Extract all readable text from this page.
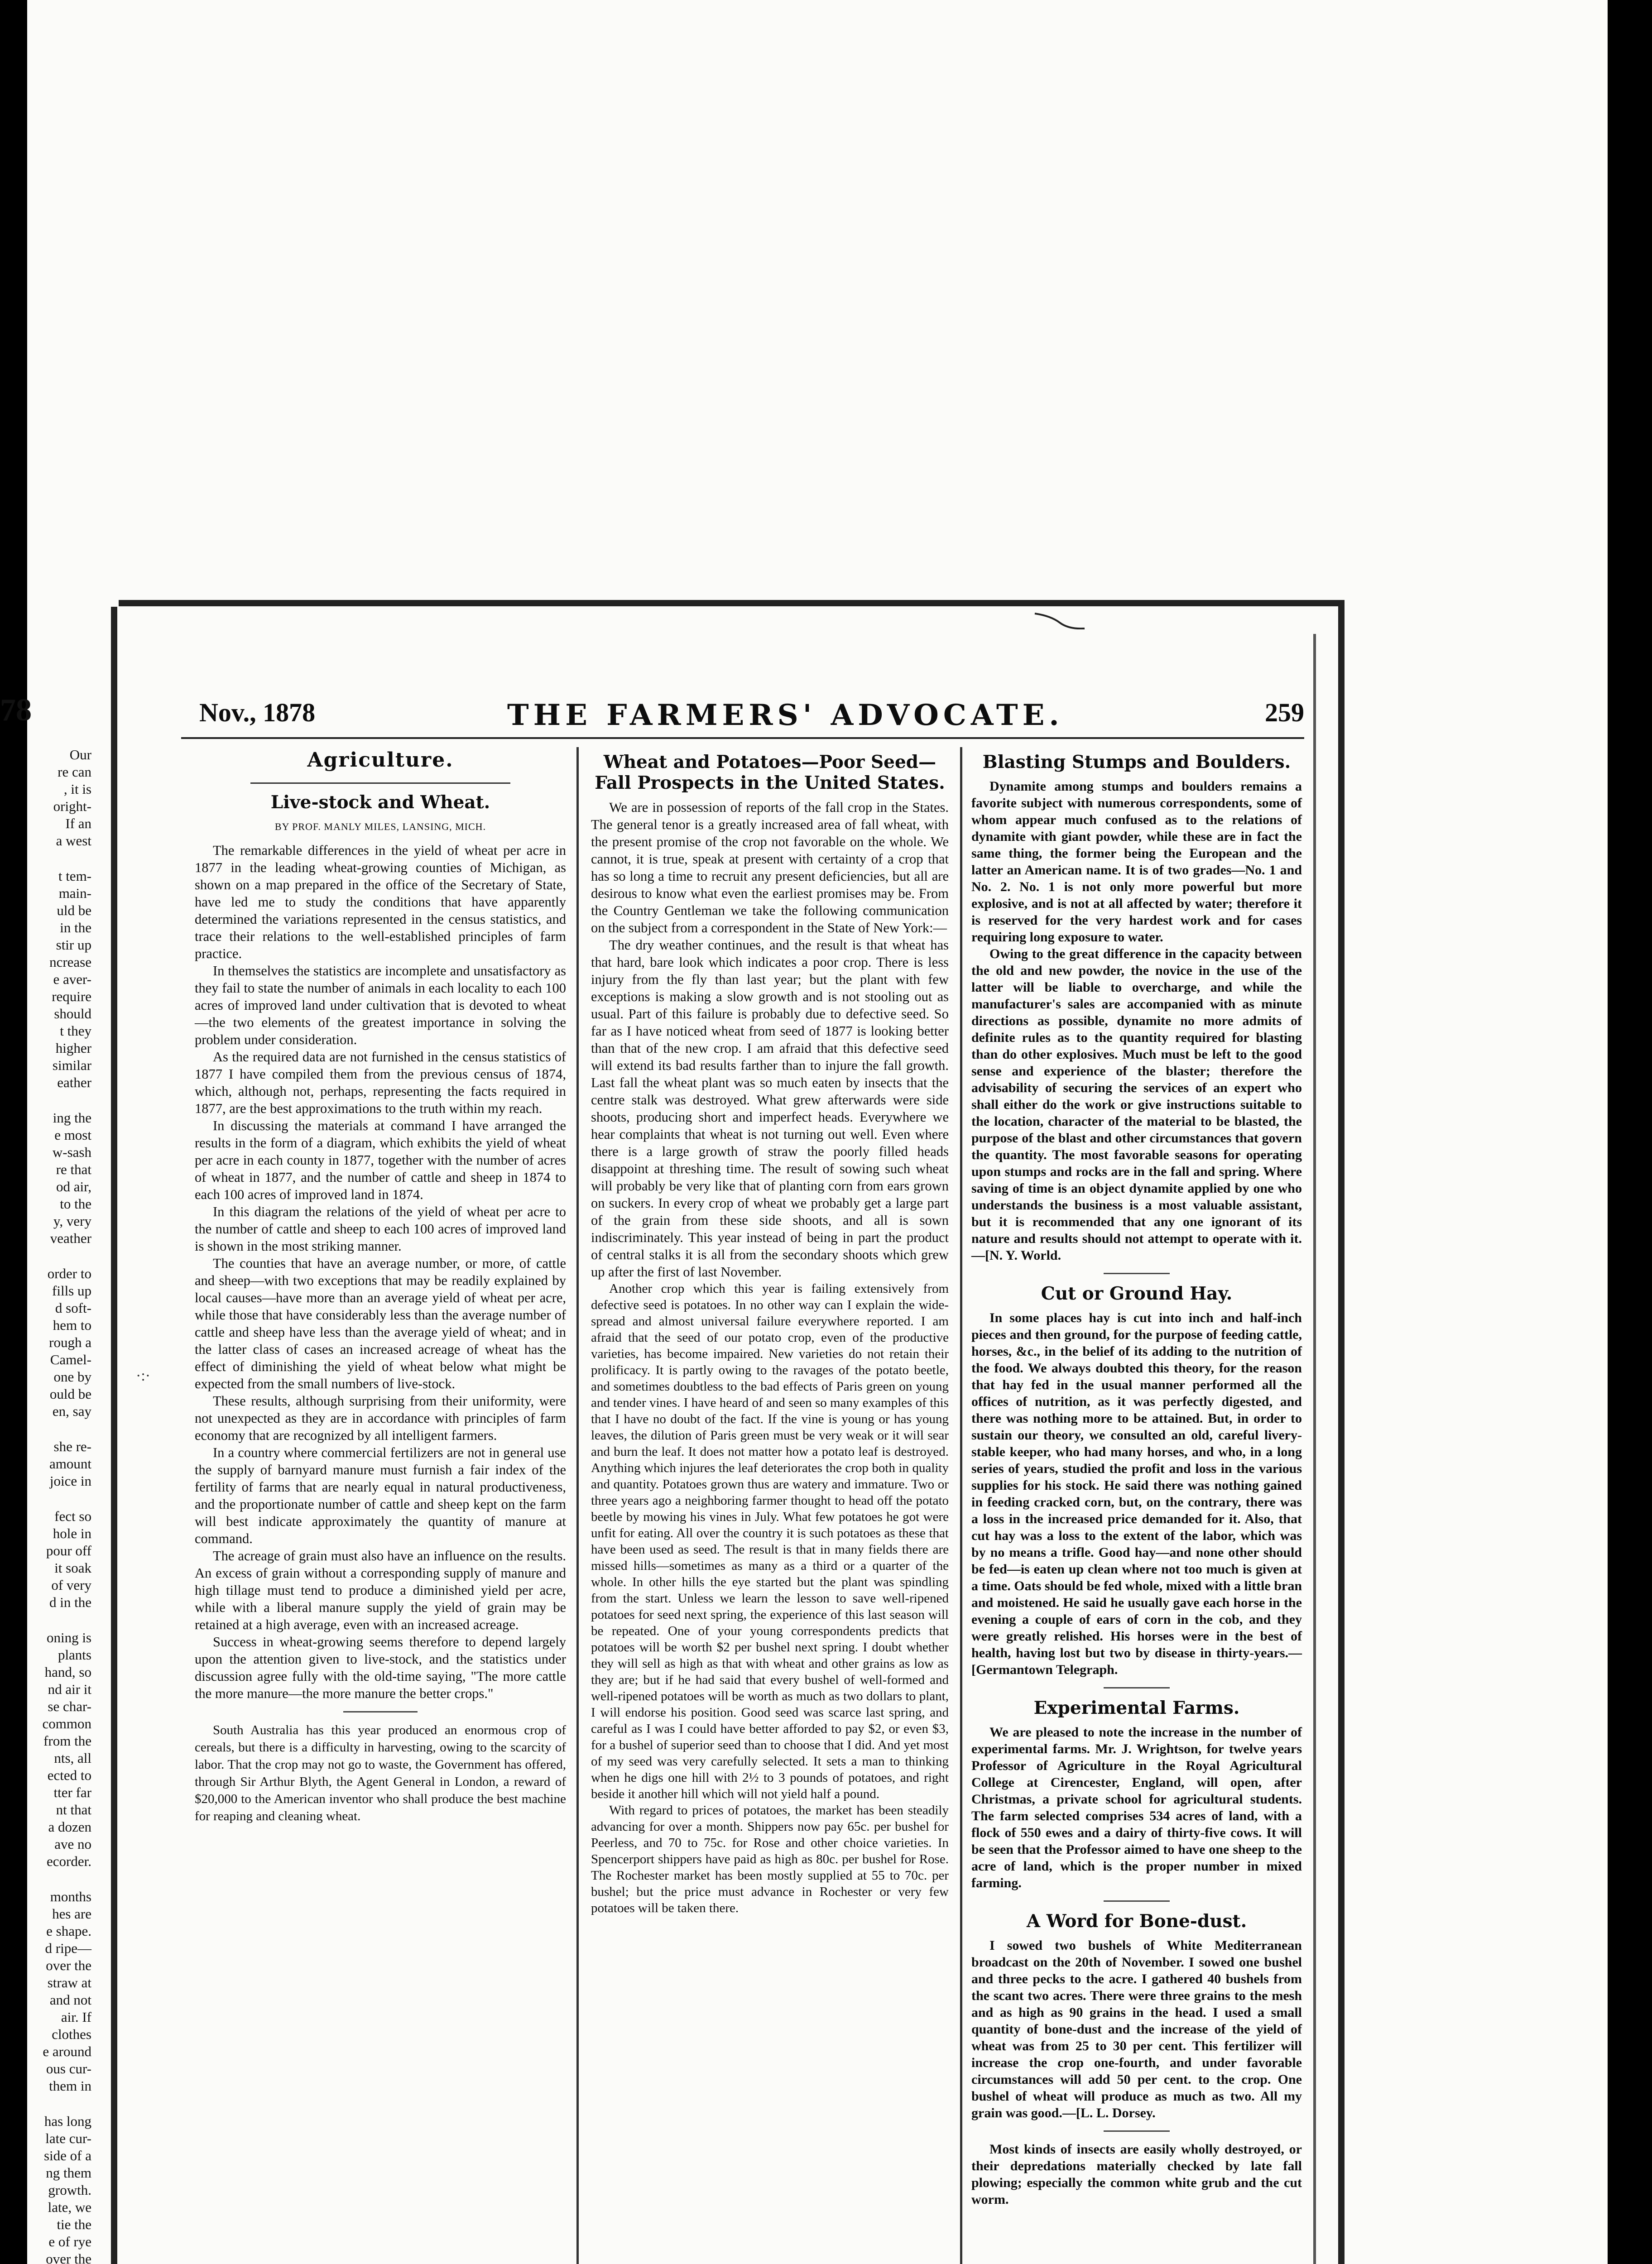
78
Our
re can
, it is
oright-
If an
a west
t tem-
main-
uld be
in the
stir up
ncrease
e aver-
require
should
t they
higher
similar
eather
ing the
e most
w-sash
re that
od air,
to the
y, very
veather
order to
fills up
d soft-
hem to
rough a
Camel-
one by
ould be
en, say
she re-
amount
joice in
fect so
hole in
pour off
it soak
of very
d in the
oning is
plants
hand, so
nd air it
se char-
common
from the
nts, all
ected to
tter far
nt that
a dozen
ave no
ecorder.
months
hes are
e shape.
d ripe—
over the
straw at
and not
air. If
clothes
e around
ous cur-
them in
has long
late cur-
side of a
ng them
growth.
late, we
tie the
e of rye
over the
·:·
Nov., 1878	THE FARMERS' ADVOCATE.	259
Agriculture.
Live-stock and Wheat.
BY PROF. MANLY MILES, LANSING, MICH.

The remarkable differences in the yield of wheat per acre in 1877 in the leading wheat-growing counties of Michigan, as shown on a map prepared in the office of the Secretary of State, have led me to study the conditions that have apparently determined the variations represented in the census statistics, and trace their relations to the well-established principles of farm practice.

In themselves the statistics are incomplete and unsatisfactory as they fail to state the number of animals in each locality to each 100 acres of improved land under cultivation that is devoted to wheat—the two elements of the greatest importance in solving the problem under consideration.

As the required data are not furnished in the census statistics of 1877 I have compiled them from the previous census of 1874, which, although not, perhaps, representing the facts required in 1877, are the best approximations to the truth within my reach.

In discussing the materials at command I have arranged the results in the form of a diagram, which exhibits the yield of wheat per acre in each county in 1877, together with the number of acres of wheat in 1877, and the number of cattle and sheep in 1874 to each 100 acres of improved land in 1874.

In this diagram the relations of the yield of wheat per acre to the number of cattle and sheep to each 100 acres of improved land is shown in the most striking manner.

The counties that have an average number, or more, of cattle and sheep—with two exceptions that may be readily explained by local causes—have more than an average yield of wheat per acre, while those that have considerably less than the average number of cattle and sheep have less than the average yield of wheat; and in the latter class of cases an increased acreage of wheat has the effect of diminishing the yield of wheat below what might be expected from the small numbers of live-stock.

These results, although surprising from their uniformity, were not unexpected as they are in accordance with principles of farm economy that are recognized by all intelligent farmers.

In a country where commercial fertilizers are not in general use the supply of barnyard manure must furnish a fair index of the fertility of farms that are nearly equal in natural productiveness, and the proportionate number of cattle and sheep kept on the farm will best indicate approximately the quantity of manure at command.

The acreage of grain must also have an influence on the results. An excess of grain without a corresponding supply of manure and high tillage must tend to produce a diminished yield per acre, while with a liberal manure supply the yield of grain may be retained at a high average, even with an increased acreage.

Success in wheat-growing seems therefore to depend largely upon the attention given to live-stock, and the statistics under discussion agree fully with the old-time saying, "The more cattle the more manure—the more manure the better crops."

South Australia has this year produced an enormous crop of cereals, but there is a difficulty in harvesting, owing to the scarcity of labor. That the crop may not go to waste, the Government has offered, through Sir Arthur Blyth, the Agent General in London, a reward of $20,000 to the American inventor who shall produce the best machine for reaping and cleaning wheat.

Wheat and Potatoes—Poor Seed—Fall Prospects in the United States.

We are in possession of reports of the fall crop in the States. The general tenor is a greatly increased area of fall wheat, with the present promise of the crop not favorable on the whole. We cannot, it is true, speak at present with certainty of a crop that has so long a time to recruit any present deficiencies, but all are desirous to know what even the earliest promises may be. From the Country Gentleman we take the following communication on the subject from a correspondent in the State of New York:—

The dry weather continues, and the result is that wheat has that hard, bare look which indicates a poor crop. There is less injury from the fly than last year; but the plant with few exceptions is making a slow growth and is not stooling out as usual. Part of this failure is probably due to defective seed. So far as I have noticed wheat from seed of 1877 is looking better than that of the new crop. I am afraid that this defective seed will extend its bad results farther than to injure the fall growth. Last fall the wheat plant was so much eaten by insects that the centre stalk was destroyed. What grew afterwards were side shoots, producing short and imperfect heads. Everywhere we hear complaints that wheat is not turning out well. Even where there is a large growth of straw the poorly filled heads disappoint at threshing time. The result of sowing such wheat will probably be very like that of planting corn from ears grown on suckers. In every crop of wheat we probably get a large part of the grain from these side shoots, and all is sown indiscriminately. This year instead of being in part the product of central stalks it is all from the secondary shoots which grew up after the first of last November.

Another crop which this year is failing extensively from defective seed is potatoes. In no other way can I explain the wide-spread and almost universal failure everywhere reported. I am afraid that the seed of our potato crop, even of the productive varieties, has become impaired. New varieties do not retain their prolificacy. It is partly owing to the ravages of the potato beetle, and sometimes doubtless to the bad effects of Paris green on young and tender vines. I have heard of and seen so many examples of this that I have no doubt of the fact. If the vine is young or has young leaves, the dilution of Paris green must be very weak or it will sear and burn the leaf. It does not matter how a potato leaf is destroyed. Anything which injures the leaf deteriorates the crop both in quality and quantity. Potatoes grown thus are watery and immature. Two or three years ago a neighboring farmer thought to head off the potato beetle by mowing his vines in July. What few potatoes he got were unfit for eating. All over the country it is such potatoes as these that have been used as seed. The result is that in many fields there are missed hills—sometimes as many as a third or a quarter of the whole. In other hills the eye started but the plant was spindling from the start. Unless we learn the lesson to save well-ripened potatoes for seed next spring, the experience of this last season will be repeated. One of your young correspondents predicts that potatoes will be worth $2 per bushel next spring. I doubt whether they will sell as high as that with wheat and other grains as low as they are; but if he had said that every bushel of well-formed and well-ripened potatoes will be worth as much as two dollars to plant, I will endorse his position. Good seed was scarce last spring, and careful as I was I could have better afforded to pay $2, or even $3, for a bushel of superior seed than to choose that I did. And yet most of my seed was very carefully selected. It sets a man to thinking when he digs one hill with 2½ to 3 pounds of potatoes, and right beside it another hill which will not yield half a pound.

With regard to prices of potatoes, the market has been steadily advancing for over a month. Shippers now pay 65c. per bushel for Peerless, and 70 to 75c. for Rose and other choice varieties. In Spencerport shippers have paid as high as 80c. per bushel for Rose. The Rochester market has been mostly supplied at 55 to 70c. per bushel; but the price must advance in Rochester or very few potatoes will be taken there.

Blasting Stumps and Boulders.

Dynamite among stumps and boulders remains a favorite subject with numerous correspondents, some of whom appear much confused as to the relations of dynamite with giant powder, while these are in fact the same thing, the former being the European and the latter an American name. It is of two grades—No. 1 and No. 2. No. 1 is not only more powerful but more explosive, and is not at all affected by water; therefore it is reserved for the very hardest work and for cases requiring long exposure to water.

Owing to the great difference in the capacity between the old and new powder, the novice in the use of the latter will be liable to overcharge, and while the manufacturer's sales are accompanied with as minute directions as possible, dynamite no more admits of definite rules as to the quantity required for blasting than do other explosives. Much must be left to the good sense and experience of the blaster; therefore the advisability of securing the services of an expert who shall either do the work or give instructions suitable to the location, character of the material to be blasted, the purpose of the blast and other circumstances that govern the quantity. The most favorable seasons for operating upon stumps and rocks are in the fall and spring. Where saving of time is an object dynamite applied by one who understands the business is a most valuable assistant, but it is recommended that any one ignorant of its nature and results should not attempt to operate with it.—[N. Y. World.

Cut or Ground Hay.

In some places hay is cut into inch and half-inch pieces and then ground, for the purpose of feeding cattle, horses, &c., in the belief of its adding to the nutrition of the food. We always doubted this theory, for the reason that hay fed in the usual manner performed all the offices of nutrition, as it was perfectly digested, and there was nothing more to be attained. But, in order to sustain our theory, we consulted an old, careful livery-stable keeper, who had many horses, and who, in a long series of years, studied the profit and loss in the various supplies for his stock. He said there was nothing gained in feeding cracked corn, but, on the contrary, there was a loss in the increased price demanded for it. Also, that cut hay was a loss to the extent of the labor, which was by no means a trifle. Good hay—and none other should be fed—is eaten up clean where not too much is given at a time. Oats should be fed whole, mixed with a little bran and moistened. He said he usually gave each horse in the evening a couple of ears of corn in the cob, and they were greatly relished. His horses were in the best of health, having lost but two by disease in thirty-years.—[Germantown Telegraph.

Experimental Farms.

We are pleased to note the increase in the number of experimental farms. Mr. J. Wrightson, for twelve years Professor of Agriculture in the Royal Agricultural College at Cirencester, England, will open, after Christmas, a private school for agricultural students. The farm selected comprises 534 acres of land, with a flock of 550 ewes and a dairy of thirty-five cows. It will be seen that the Professor aimed to have one sheep to the acre of land, which is the proper number in mixed farming.

A Word for Bone-dust.

I sowed two bushels of White Mediterranean broadcast on the 20th of November. I sowed one bushel and three pecks to the acre. I gathered 40 bushels from the scant two acres. There were three grains to the mesh and as high as 90 grains in the head. I used a small quantity of bone-dust and the increase of the yield of wheat was from 25 to 30 per cent. This fertilizer will increase the crop one-fourth, and under favorable circumstances will add 50 per cent. to the crop. One bushel of wheat will produce as much as two. All my grain was good.—[L. L. Dorsey.

Most kinds of insects are easily wholly destroyed, or their depredations materially checked by late fall plowing; especially the common white grub and the cut worm.
